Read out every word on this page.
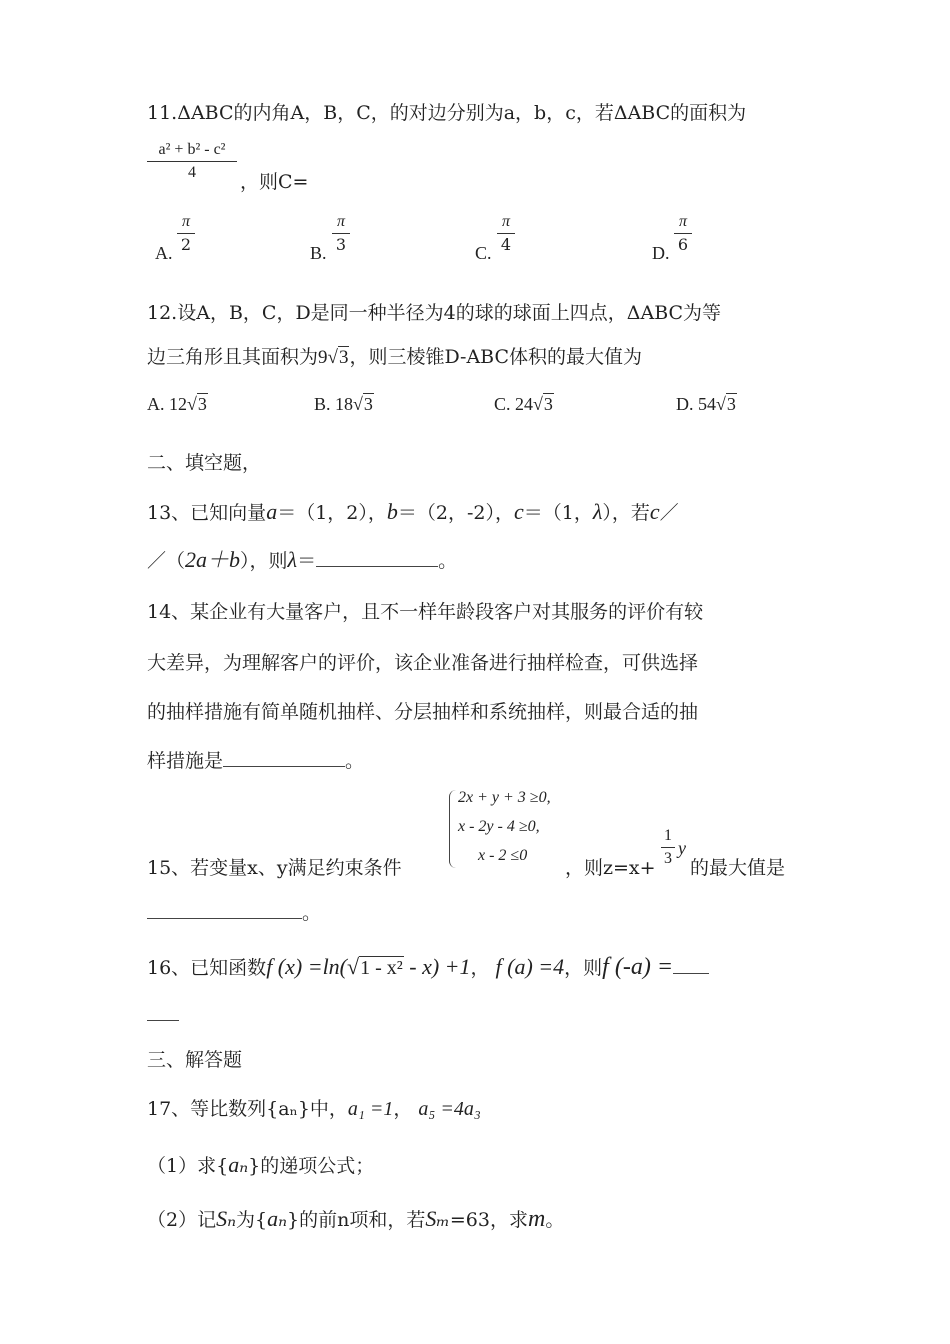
11.ΔABC的内角A，B，C，的对边分别为a，b，c，若ΔABC的面积为
a² + b² - c²
4	，则C=
A.
π
2	B.
π
3	C.
π
4	D.
π
6
12.设A，B，C，D是同一种半径为4的球的球面上四点，ΔABC为等
边三角形且其面积为9√3，则三棱锥D-ABC体积的最大值为
A. 12√3	B. 18√3	C. 24√3	D. 54√3
二、填空题，
13、已知向量a＝（1，2），b＝（2，-2），c＝（1，λ），若c／
／（2a＋b），则λ＝	。
14、某企业有大量客户，且不一样年龄段客户对其服务的评价有较
大差异，为理解客户的评价，该企业准备进行抽样检查，可供选择
的抽样措施有简单随机抽样、分层抽样和系统抽样，则最合适的抽
样措施是	。
2x + y + 3 ≥0,
x - 2y - 4 ≥0,
x - 2 ≤0
15、若变量x、y满足约束条件	，则z=x+
1
3
y
的最大值是
。
16、已知函数f (x) =ln(√1 - x² - x) +1， f (a) =4，则f (-a) =
三、解答题
17、等比数列{aₙ}中，a₁ =1， a₅ =4a₃
（1）求{aₙ}的递项公式；
（2）记Sₙ为{aₙ}的前n项和，若Sₘ=63，求m。
